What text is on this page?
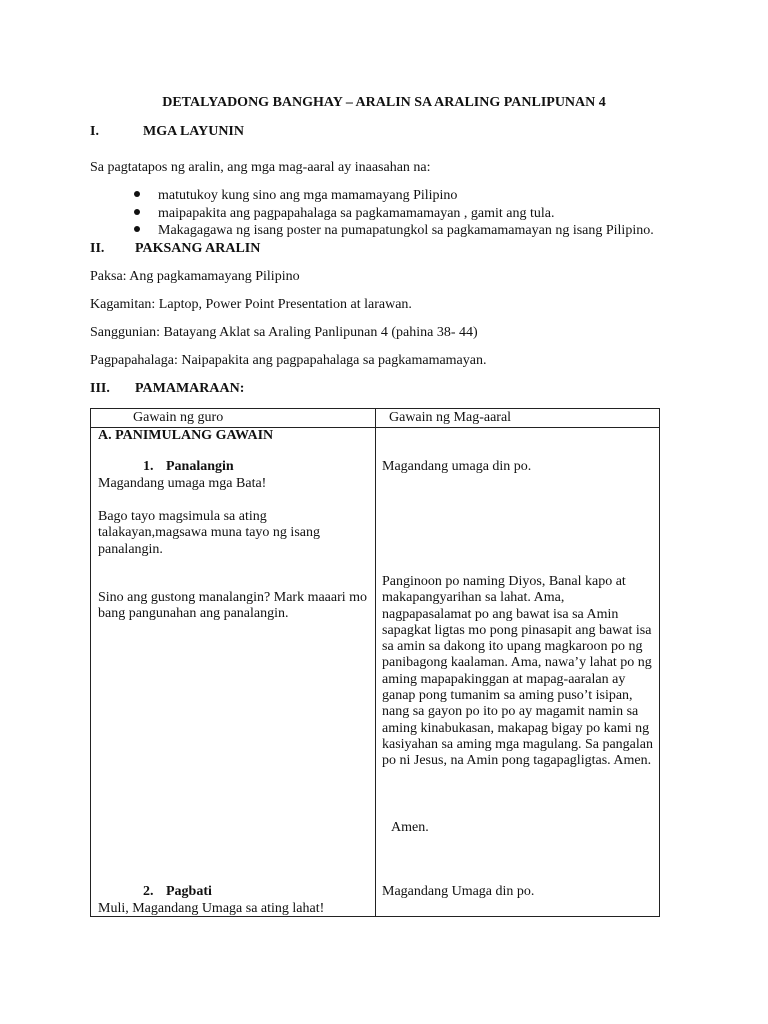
DETALYADONG BANGHAY – ARALIN SA ARALING PANLIPUNAN 4
I.	MGA LAYUNIN
Sa pagtatapos ng aralin, ang mga mag-aaral ay inaasahan na:
matutukoy kung sino ang mga mamamayang Pilipino
maipapakita ang pagpapahalaga sa pagkamamamayan , gamit ang tula.
Makagagawa ng isang poster na pumapatungkol sa pagkamamamayan ng isang Pilipino.
II. PAKSANG ARALIN
Paksa: Ang pagkamamayang Pilipino
Kagamitan: Laptop, Power Point Presentation at larawan.
Sanggunian: Batayang Aklat sa Araling Panlipunan 4 (pahina 38- 44)
Pagpapahalaga: Naipapakita ang pagpapahalaga sa pagkamamamayan.
III. PAMAMARAAN:
Gawain ng guro	Gawain ng Mag-aaral
A. PANIMULANG GAWAIN
1. Panalangin
Magandang umaga mga Bata!
Bago tayo magsimula sa ating talakayan,magsawa muna tayo ng isang panalangin.
Sino ang gustong manalangin? Mark maaari mo bang pangunahan ang panalangin.
Magandang umaga din po.
Panginoon po naming Diyos, Banal kapo at makapangyarihan sa lahat. Ama, nagpapasalamat po ang bawat isa sa Amin sapagkat ligtas mo pong pinasapit ang bawat isa sa amin sa dakong ito upang magkaroon po ng panibagong kaalaman. Ama, nawa’y lahat po ng aming mapapakinggan at mapag-aaralan ay ganap pong tumanim sa aming puso’t isipan, nang sa gayon po ito po ay magamit namin sa aming kinabukasan, makapag bigay po kami ng kasiyahan sa aming mga magulang. Sa pangalan po ni Jesus, na Amin pong tagapagligtas. Amen.
Amen.
2. Pagbati
Muli, Magandang Umaga sa ating lahat!
Magandang Umaga din po.
